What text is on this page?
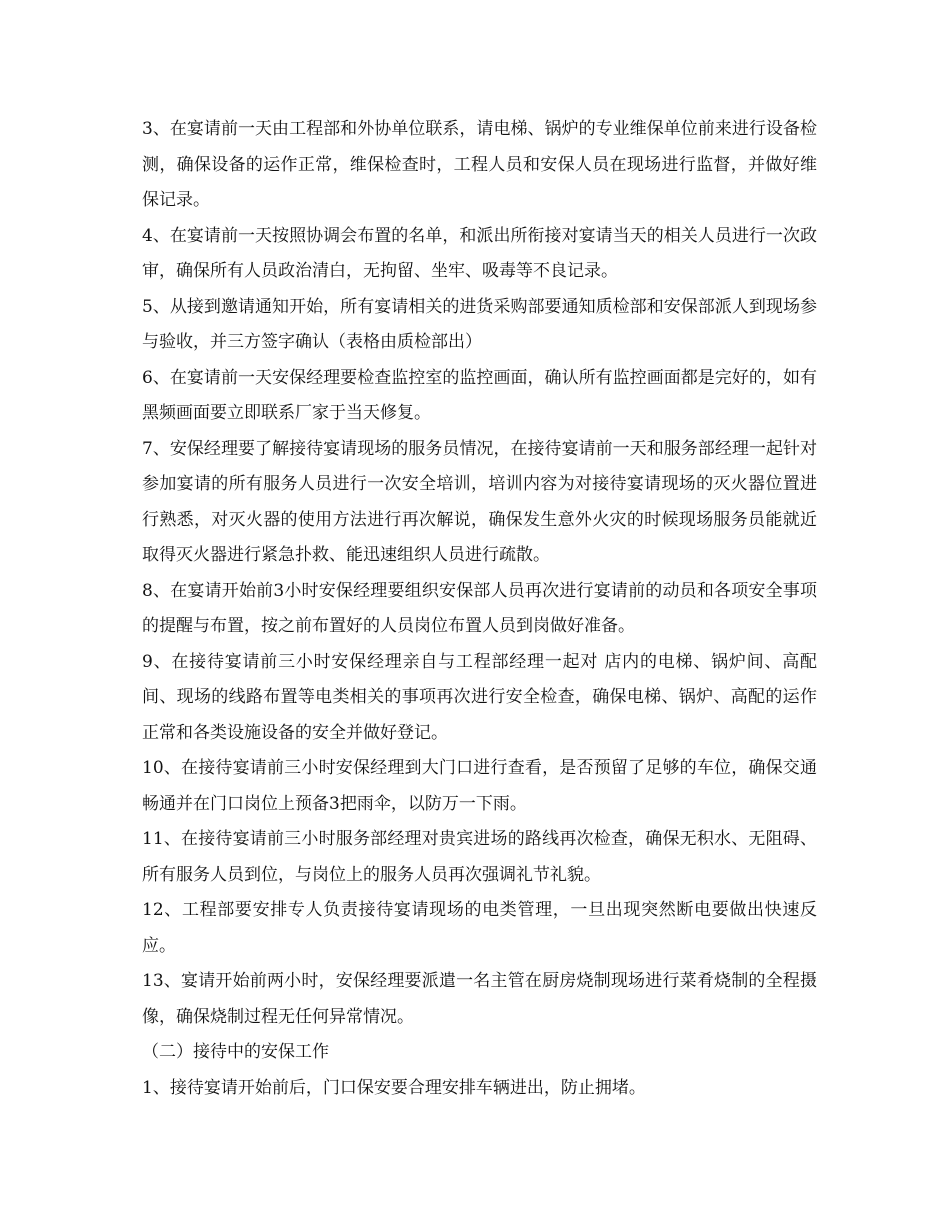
3、在宴请前一天由工程部和外协单位联系，请电梯、锅炉的专业维保单位前来进行设备检测，确保设备的运作正常，维保检查时，工程人员和安保人员在现场进行监督，并做好维保记录。

4、在宴请前一天按照协调会布置的名单，和派出所衔接对宴请当天的相关人员进行一次政审，确保所有人员政治清白，无拘留、坐牢、吸毒等不良记录。

5、从接到邀请通知开始，所有宴请相关的进货采购部要通知质检部和安保部派人到现场参与验收，并三方签字确认（表格由质检部出）

6、在宴请前一天安保经理要检查监控室的监控画面，确认所有监控画面都是完好的，如有黑频画面要立即联系厂家于当天修复。

7、安保经理要了解接待宴请现场的服务员情况，在接待宴请前一天和服务部经理一起针对参加宴请的所有服务人员进行一次安全培训，培训内容为对接待宴请现场的灭火器位置进行熟悉，对灭火器的使用方法进行再次解说，确保发生意外火灾的时候现场服务员能就近取得灭火器进行紧急扑救、能迅速组织人员进行疏散。

8、在宴请开始前3小时安保经理要组织安保部人员再次进行宴请前的动员和各项安全事项的提醒与布置，按之前布置好的人员岗位布置人员到岗做好准备。

9、在接待宴请前三小时安保经理亲自与工程部经理一起对 店内的电梯、锅炉间、高配间、现场的线路布置等电类相关的事项再次进行安全检查，确保电梯、锅炉、高配的运作正常和各类设施设备的安全并做好登记。

10、在接待宴请前三小时安保经理到大门口进行查看，是否预留了足够的车位，确保交通畅通并在门口岗位上预备3把雨伞，以防万一下雨。

11、在接待宴请前三小时服务部经理对贵宾进场的路线再次检查，确保无积水、无阻碍、所有服务人员到位，与岗位上的服务人员再次强调礼节礼貌。

12、工程部要安排专人负责接待宴请现场的电类管理，一旦出现突然断电要做出快速反应。

13、宴请开始前两小时，安保经理要派遣一名主管在厨房烧制现场进行菜肴烧制的全程摄像，确保烧制过程无任何异常情况。

（二）接待中的安保工作

1、接待宴请开始前后，门口保安要合理安排车辆进出，防止拥堵。
